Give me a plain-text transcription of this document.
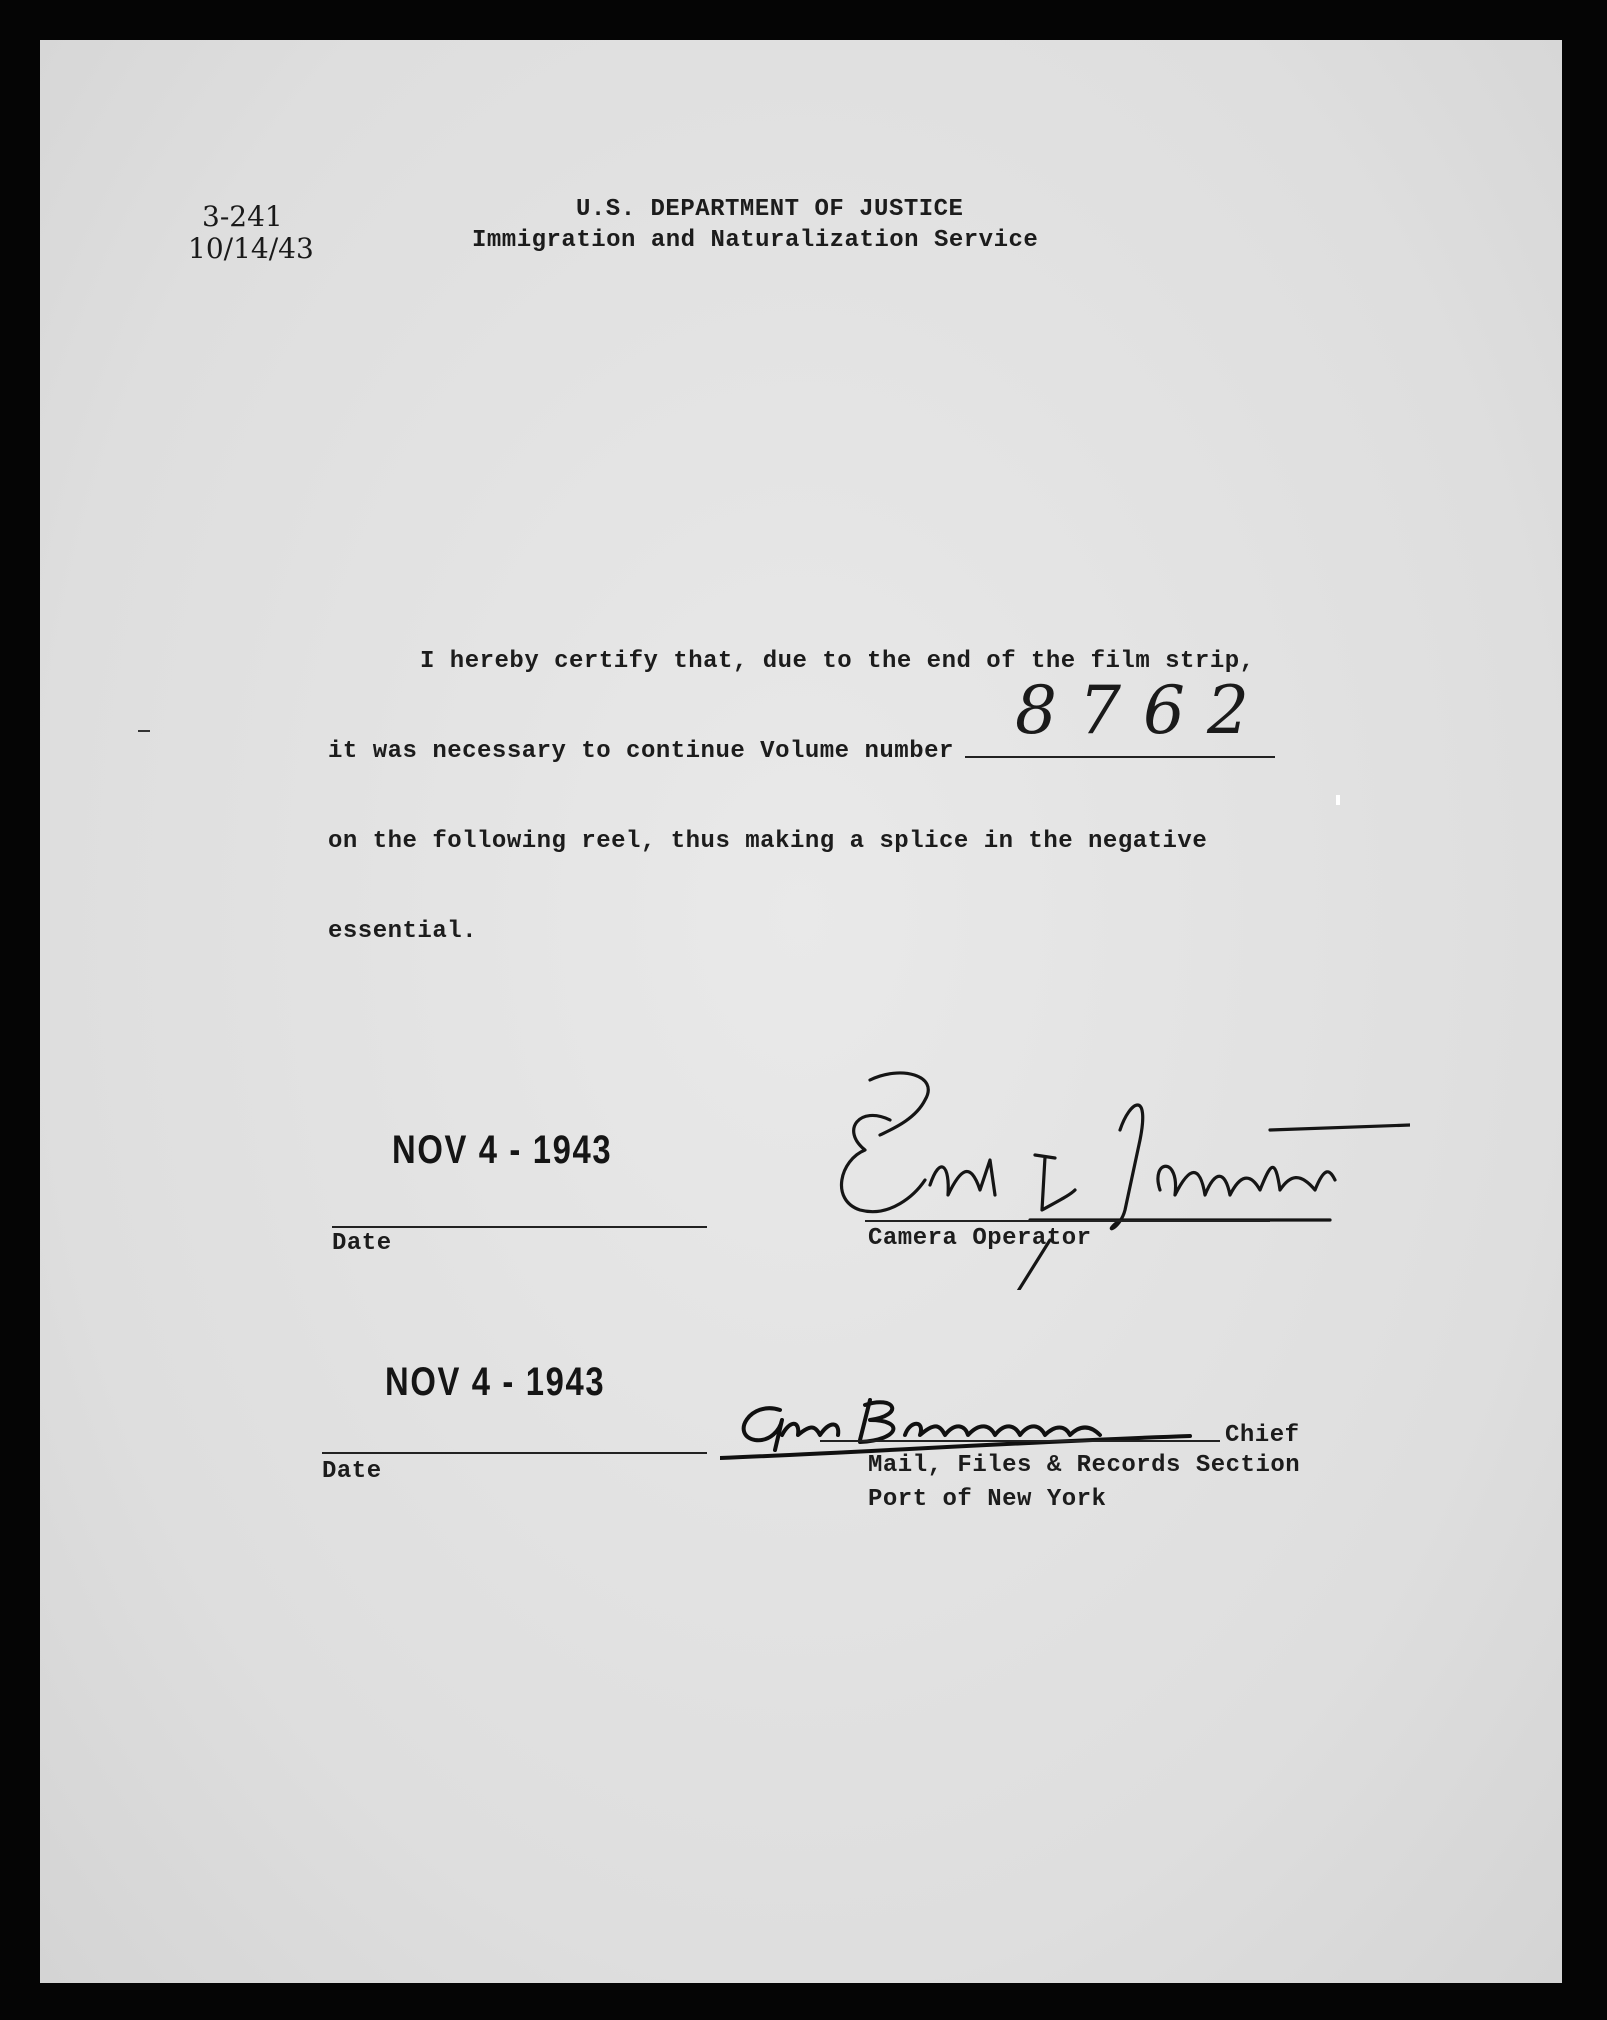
3-241
10/14/43
U.S. DEPARTMENT OF JUSTICE
Immigration and Naturalization Service
I hereby certify that, due to the end of the film strip,
it was necessary to continue Volume number
8762
on the following reel, thus making a splice in the negative
essential.
NOV 4 - 1943
Date	Camera Operator
NOV 4 - 1943
Date
Chief
Mail, Files & Records Section
Port of New York
